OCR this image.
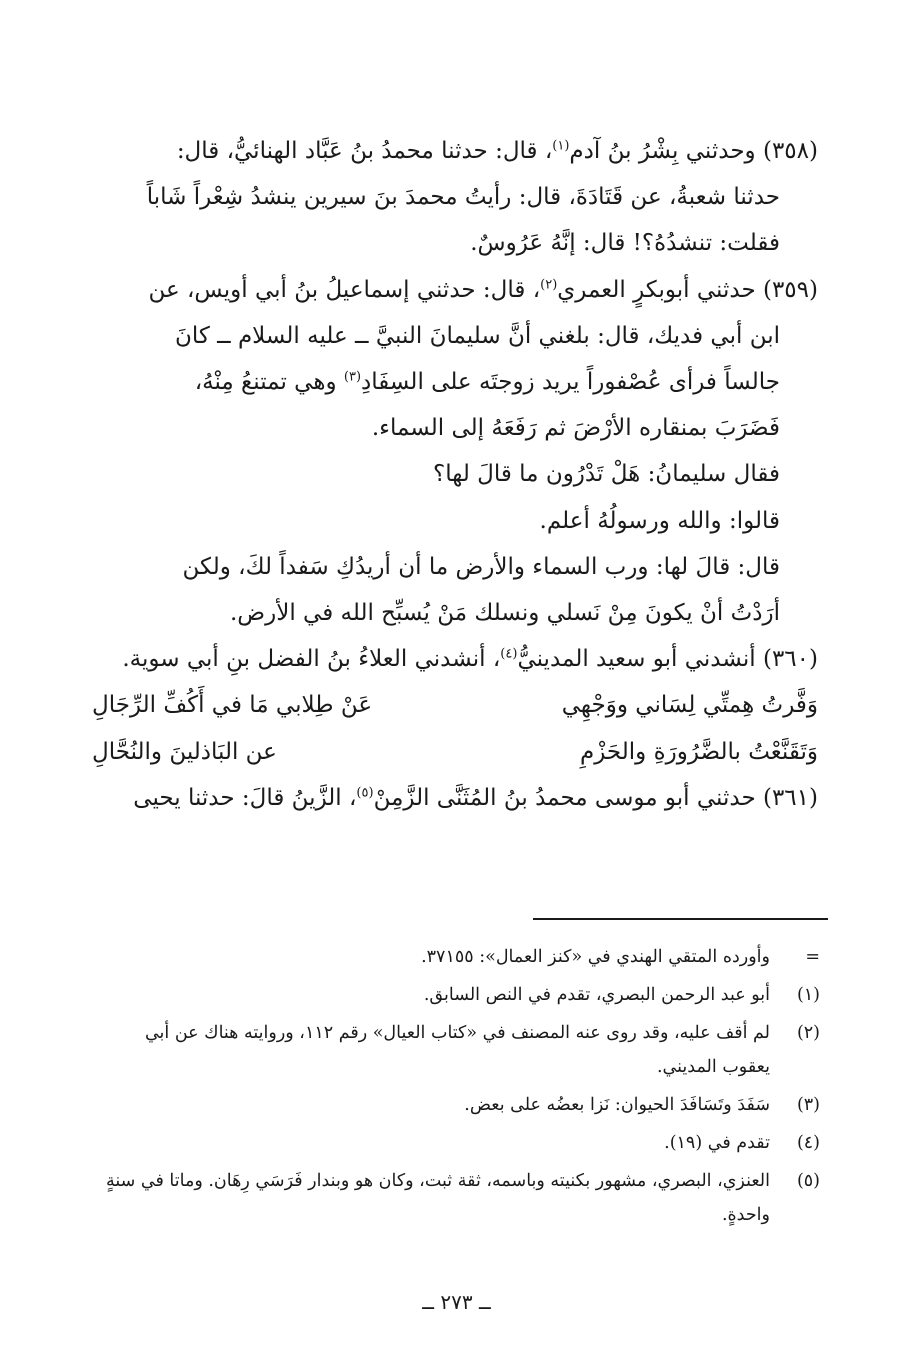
(٣٥٨) وحدثني بِشْرُ بنُ آدم$^{(١)}$، قال: حدثنا محمدُ بنُ عَبَّاد الهنائيُّ، قال:
حدثنا شعبةُ، عن قَتَادَةَ، قال: رأيتُ محمدَ بنَ سيرين ينشدُ شِعْراً شَاباً
فقلت: تنشدُهُ؟! قال: إنَّهُ عَرُوسٌ.
(٣٥٩) حدثني أبوبكرٍ العمري$^{(٢)}$، قال: حدثني إسماعيلُ بنُ أبي أويس، عن
ابن أبي فديك، قال: بلغني أنَّ سليمانَ النبيَّ ــ عليه السلام ــ كانَ
جالساً فرأى عُصْفوراً يريد زوجتَه على السِفَادِ$^{(٣)}$ وهي تمتنعُ مِنْهُ،
فَضَرَبَ بمنقاره الأرْضَ ثم رَفَعَهُ إلى السماء.
فقال سليمانُ: هَلْ تَدْرُون ما قالَ لها؟
قالوا: والله ورسولُهُ أعلم.
قال: قالَ لها: ورب السماء والأرض ما أن أريدُكِ سَفداً لكَ، ولكن
أرَدْتُ أنْ يكونَ مِنْ نَسلي ونسلك مَنْ يُسبِّح الله في الأرض.
(٣٦٠) أنشدني أبو سعيد المدينيُّ$^{(٤)}$، أنشدني العلاءُ بنُ الفضل بنِ أبي سوية.
وَفَّرتُ هِمتِّي لِسَاني ووَجْهِي
عَنْ طِلابي مَا في أَكُفِّ الرِّجَالِ
وَتَقَنَّعْتُ بالضَّرُورَةِ والحَزْمِ
عن البَاذلينَ والنُحَّالِ
(٣٦١) حدثني أبو موسى محمدُ بنُ المُثَنَّى الزَّمِنْ$^{(٥)}$، الزَّينُ قالَ: حدثنا يحيى
=
وأورده المتقي الهندي في «كنز العمال»: ٣٧١٥٥.
(١)
أبو عبد الرحمن البصري، تقدم في النص السابق.
(٢)
لم أقف عليه، وقد روى عنه المصنف في «كتاب العيال» رقم ١١٢، وروايته هناك عن أبي يعقوب المديني.
(٣)
سَفَدَ وتَسَافَدَ الحيوان: نَزا بعضُه على بعض.
(٤)
تقدم في (١٩).
(٥)
العنزي، البصري، مشهور بكنيته وباسمه، ثقة ثبت، وكان هو وبندار فَرَسَي رِهَان. وماتا في سنةٍ واحدةٍ.
ــ ٢٧٣ ــ
